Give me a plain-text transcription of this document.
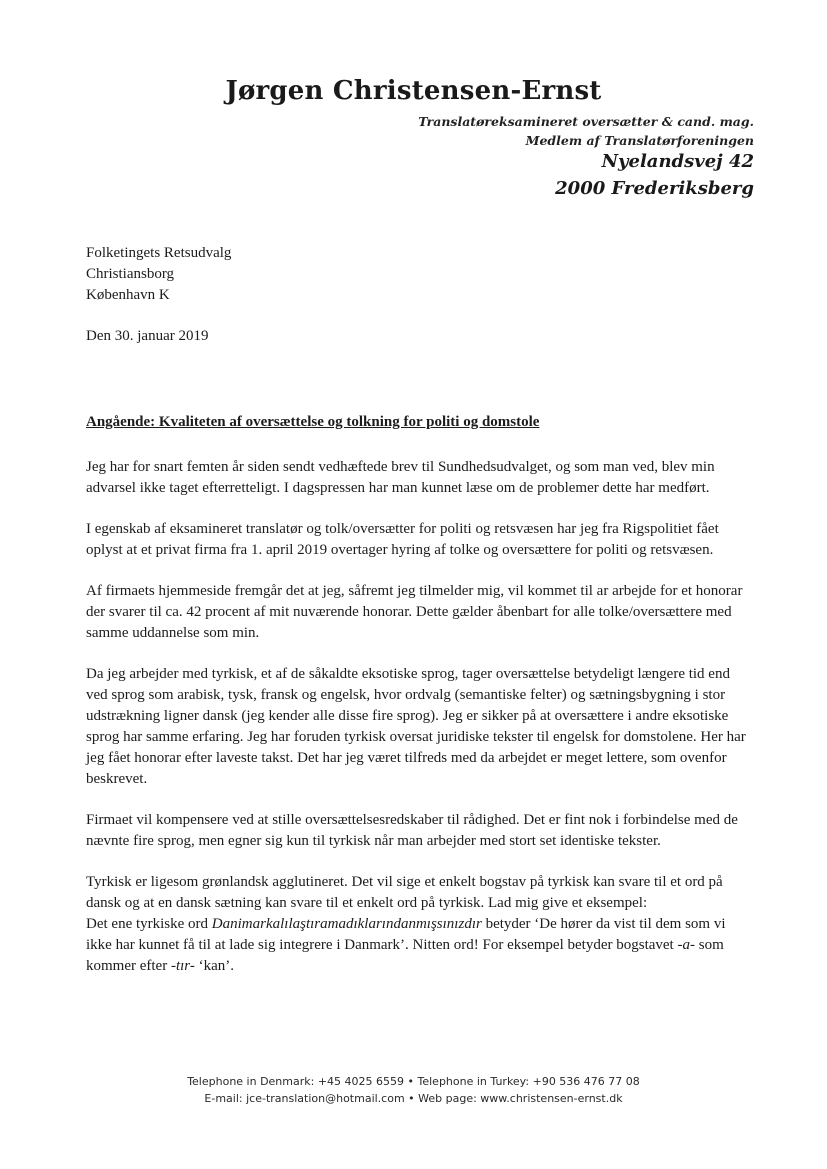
Jørgen Christensen-Ernst
Translatøreksamineret oversætter & cand. mag.
Medlem af Translatørforeningen
Nyelandsvej 42
2000 Frederiksberg
Folketingets Retsudvalg
Christiansborg
København K
Den 30. januar 2019
Angående: Kvaliteten af oversættelse og tolkning for politi og domstole

Jeg har for snart femten år siden sendt vedhæftede brev til Sundhedsudvalget, og som man ved, blev min advarsel ikke taget efterretteligt. I dagspressen har man kunnet læse om de problemer dette har medført.

I egenskab af eksamineret translatør og tolk/oversætter for politi og retsvæsen har jeg fra Rigspolitiet fået oplyst at et privat firma fra 1. april 2019 overtager hyring af tolke og oversættere for politi og retsvæsen.

Af firmaets hjemmeside fremgår det at jeg, såfremt jeg tilmelder mig, vil kommet til ar arbejde for et honorar der svarer til ca. 42 procent af mit nuværende honorar. Dette gælder åbenbart for alle tolke/oversættere med samme uddannelse som min.

Da jeg arbejder med tyrkisk, et af de såkaldte eksotiske sprog, tager oversættelse betydeligt længere tid end ved sprog som arabisk, tysk, fransk og engelsk, hvor ordvalg (semantiske felter) og sætningsbygning i stor udstrækning ligner dansk (jeg kender alle disse fire sprog). Jeg er sikker på at oversættere i andre eksotiske sprog har samme erfaring. Jeg har foruden tyrkisk oversat juridiske tekster til engelsk for domstolene. Her har jeg fået honorar efter laveste takst. Det har jeg været tilfreds med da arbejdet er meget lettere, som ovenfor beskrevet.

Firmaet vil kompensere ved at stille oversættelsesredskaber til rådighed. Det er fint nok i forbindelse med de nævnte fire sprog, men egner sig kun til tyrkisk når man arbejder med stort set identiske tekster.

Tyrkisk er ligesom grønlandsk agglutineret. Det vil sige et enkelt bogstav på tyrkisk kan svare til et ord på dansk og at en dansk sætning kan svare til et enkelt ord på tyrkisk. Lad mig give et eksempel:

Det ene tyrkiske ord Danimarkalılaştıramadıklarındanmışsınızdır betyder ‘De hører da vist til dem som vi ikke har kunnet få til at lade sig integrere i Danmark’. Nitten ord! For eksempel betyder bogstavet -a- som kommer efter -tır- ‘kan’.

Telephone in Denmark: +45 4025 6559 • Telephone in Turkey: +90 536 476 77 08
E-mail: jce-translation@hotmail.com • Web page: www.christensen-ernst.dk
